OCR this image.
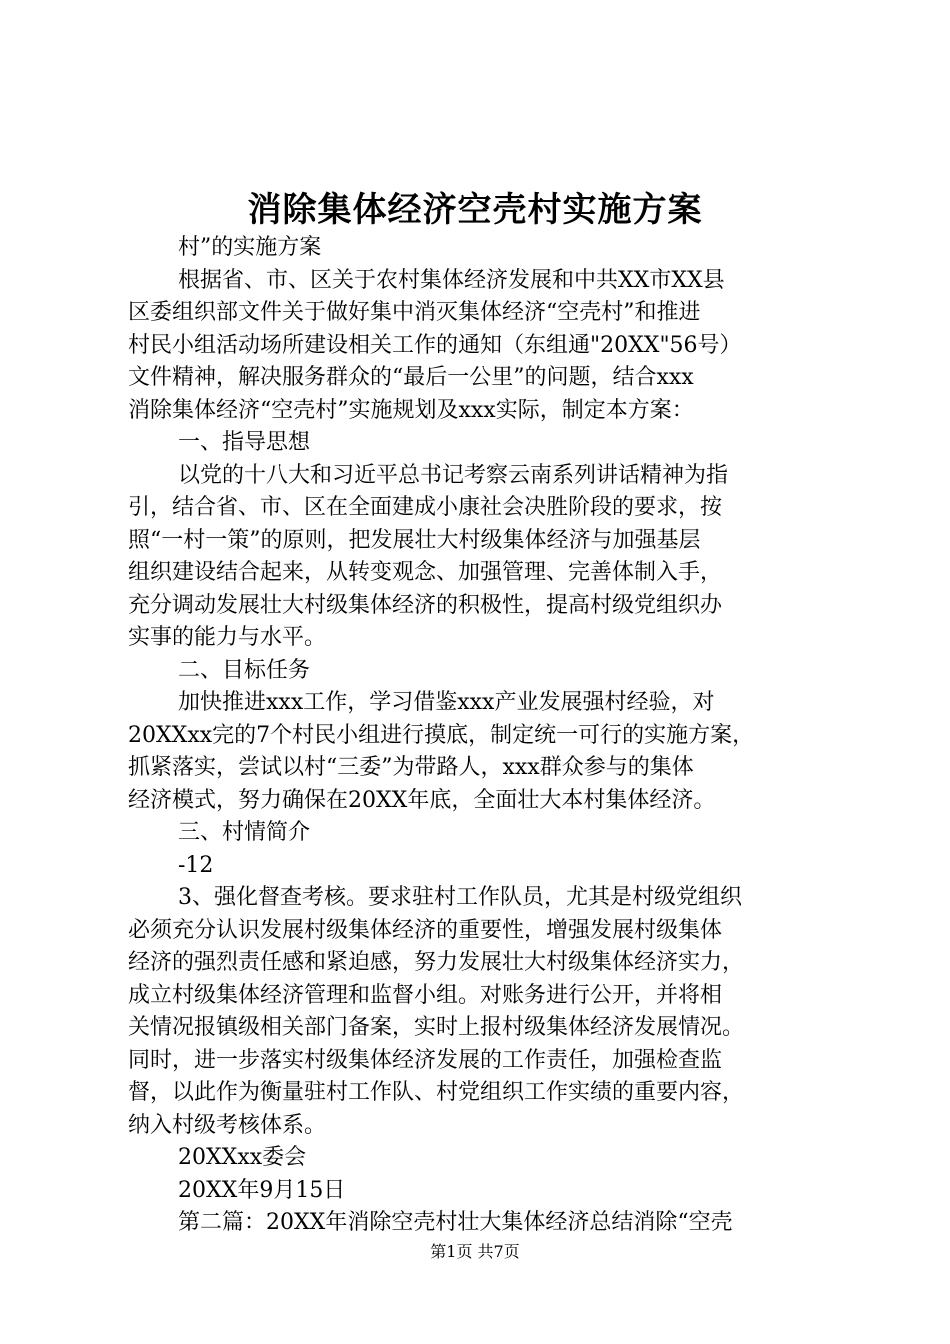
消除集体经济空壳村实施方案

村”的实施方案

根据省、市、区关于农村集体经济发展和中共XX市XX县

区委组织部文件关于做好集中消灭集体经济“空壳村”和推进

村民小组活动场所建设相关工作的通知（东组通"20XX"56号）

文件精神，解决服务群众的“最后一公里”的问题，结合xxx

消除集体经济“空壳村”实施规划及xxx实际，制定本方案：

一、指导思想

以党的十八大和习近平总书记考察云南系列讲话精神为指

引，结合省、市、区在全面建成小康社会决胜阶段的要求，按

照“一村一策”的原则，把发展壮大村级集体经济与加强基层

组织建设结合起来，从转变观念、加强管理、完善体制入手，

充分调动发展壮大村级集体经济的积极性，提高村级党组织办

实事的能力与水平。

二、目标任务

加快推进xxx工作，学习借鉴xxx产业发展强村经验，对

20XXxx完的7个村民小组进行摸底，制定统一可行的实施方案，

抓紧落实，尝试以村“三委”为带路人，xxx群众参与的集体

经济模式，努力确保在20XX年底，全面壮大本村集体经济。

三、村情简介

-12

3、强化督查考核。要求驻村工作队员，尤其是村级党组织

必须充分认识发展村级集体经济的重要性，增强发展村级集体

经济的强烈责任感和紧迫感，努力发展壮大村级集体经济实力，

成立村级集体经济管理和监督小组。对账务进行公开，并将相

关情况报镇级相关部门备案，实时上报村级集体经济发展情况。

同时，进一步落实村级集体经济发展的工作责任，加强检查监

督，以此作为衡量驻村工作队、村党组织工作实绩的重要内容，

纳入村级考核体系。

20XXxx委会

20XX年9月15日

第二篇：20XX年消除空壳村壮大集体经济总结消除“空壳

第1页 共7页
